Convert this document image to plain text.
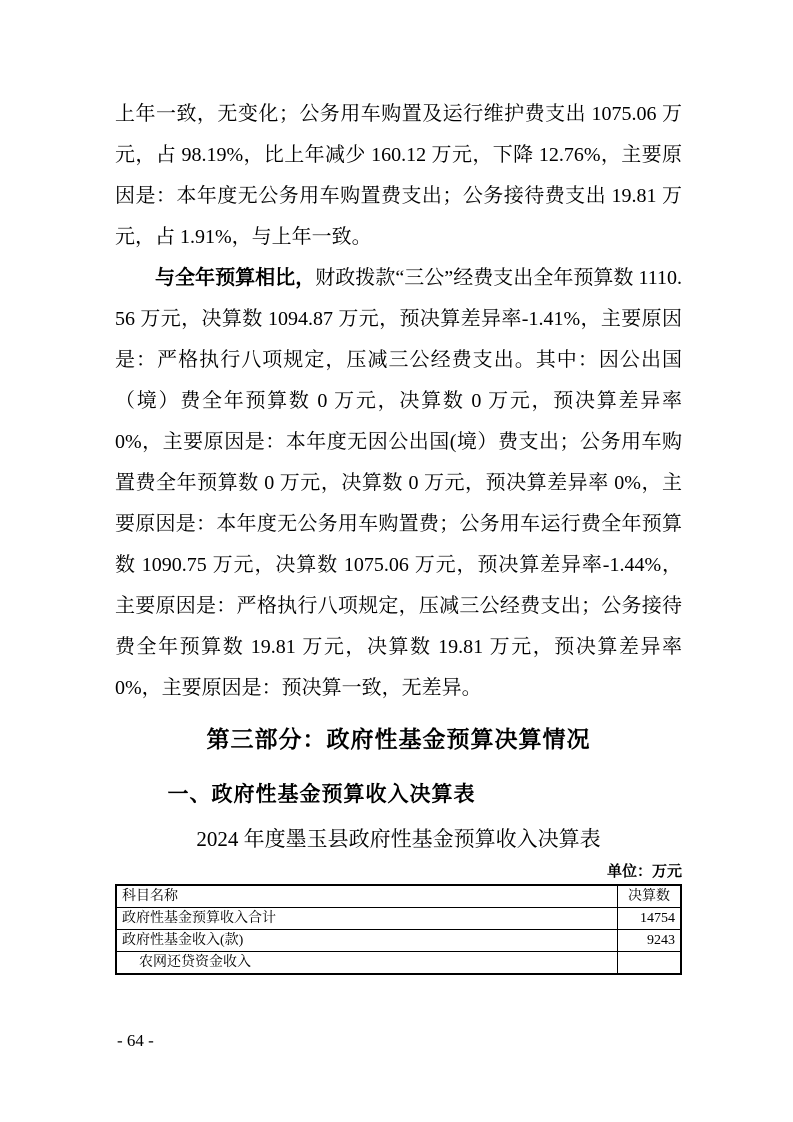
上年一致，无变化；公务用车购置及运行维护费支出 1075.06 万元，占 98.19%，比上年减少 160.12 万元，下降 12.76%，主要原因是：本年度无公务用车购置费支出；公务接待费支出 19.81 万元，占 1.91%，与上年一致。

与全年预算相比，财政拨款“三公”经费支出全年预算数 1110.56 万元，决算数 1094.87 万元，预决算差异率-1.41%，主要原因是：严格执行八项规定，压减三公经费支出。其中：因公出国（境）费全年预算数 0 万元，决算数 0 万元，预决算差异率 0%，主要原因是：本年度无因公出国(境）费支出；公务用车购置费全年预算数 0 万元，决算数 0 万元，预决算差异率 0%，主要原因是：本年度无公务用车购置费；公务用车运行费全年预算数 1090.75 万元，决算数 1075.06 万元，预决算差异率-1.44%，主要原因是：严格执行八项规定，压减三公经费支出；公务接待费全年预算数 19.81 万元，决算数 19.81 万元，预决算差异率 0%，主要原因是：预决算一致，无差异。

第三部分：政府性基金预算决算情况
一、政府性基金预算收入决算表
2024 年度墨玉县政府性基金预算收入决算表
单位：万元
科目名称	决算数
政府性基金预算收入合计	14754
政府性基金收入(款)	9243
农网还贷资金收入	
- 64 -
